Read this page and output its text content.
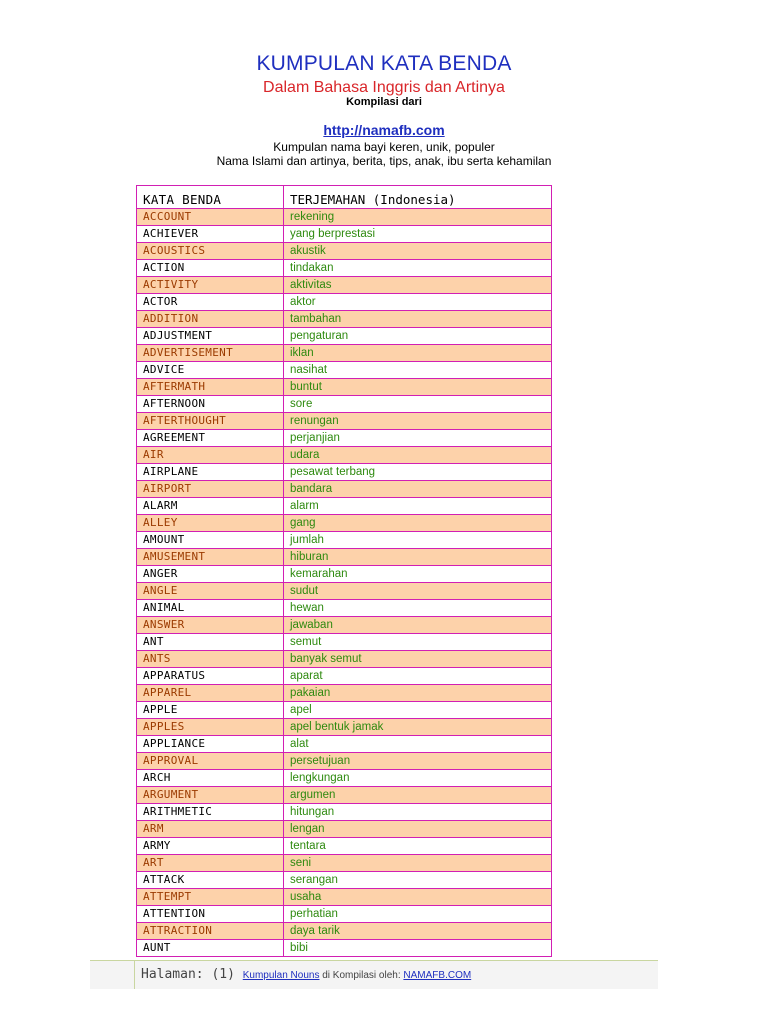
KUMPULAN KATA BENDA
Dalam Bahasa Inggris dan Artinya
Kompilasi dari
http://namafb.com
Kumpulan nama bayi keren, unik, populer
Nama Islami dan artinya, berita, tips, anak, ibu serta kehamilan
KATA BENDA	TERJEMAHAN (Indonesia)
ACCOUNT	rekening
ACHIEVER	yang berprestasi
ACOUSTICS	akustik
ACTION	tindakan
ACTIVITY	aktivitas
ACTOR	aktor
ADDITION	tambahan
ADJUSTMENT	pengaturan
ADVERTISEMENT	iklan
ADVICE	nasihat
AFTERMATH	buntut
AFTERNOON	sore
AFTERTHOUGHT	renungan
AGREEMENT	perjanjian
AIR	udara
AIRPLANE	pesawat terbang
AIRPORT	bandara
ALARM	alarm
ALLEY	gang
AMOUNT	jumlah
AMUSEMENT	hiburan
ANGER	kemarahan
ANGLE	sudut
ANIMAL	hewan
ANSWER	jawaban
ANT	semut
ANTS	banyak semut
APPARATUS	aparat
APPAREL	pakaian
APPLE	apel
APPLES	apel bentuk jamak
APPLIANCE	alat
APPROVAL	persetujuan
ARCH	lengkungan
ARGUMENT	argumen
ARITHMETIC	hitungan
ARM	lengan
ARMY	tentara
ART	seni
ATTACK	serangan
ATTEMPT	usaha
ATTENTION	perhatian
ATTRACTION	daya tarik
AUNT	bibi
Halaman: (1) Kumpulan Nouns di Kompilasi oleh: NAMAFB.COM
